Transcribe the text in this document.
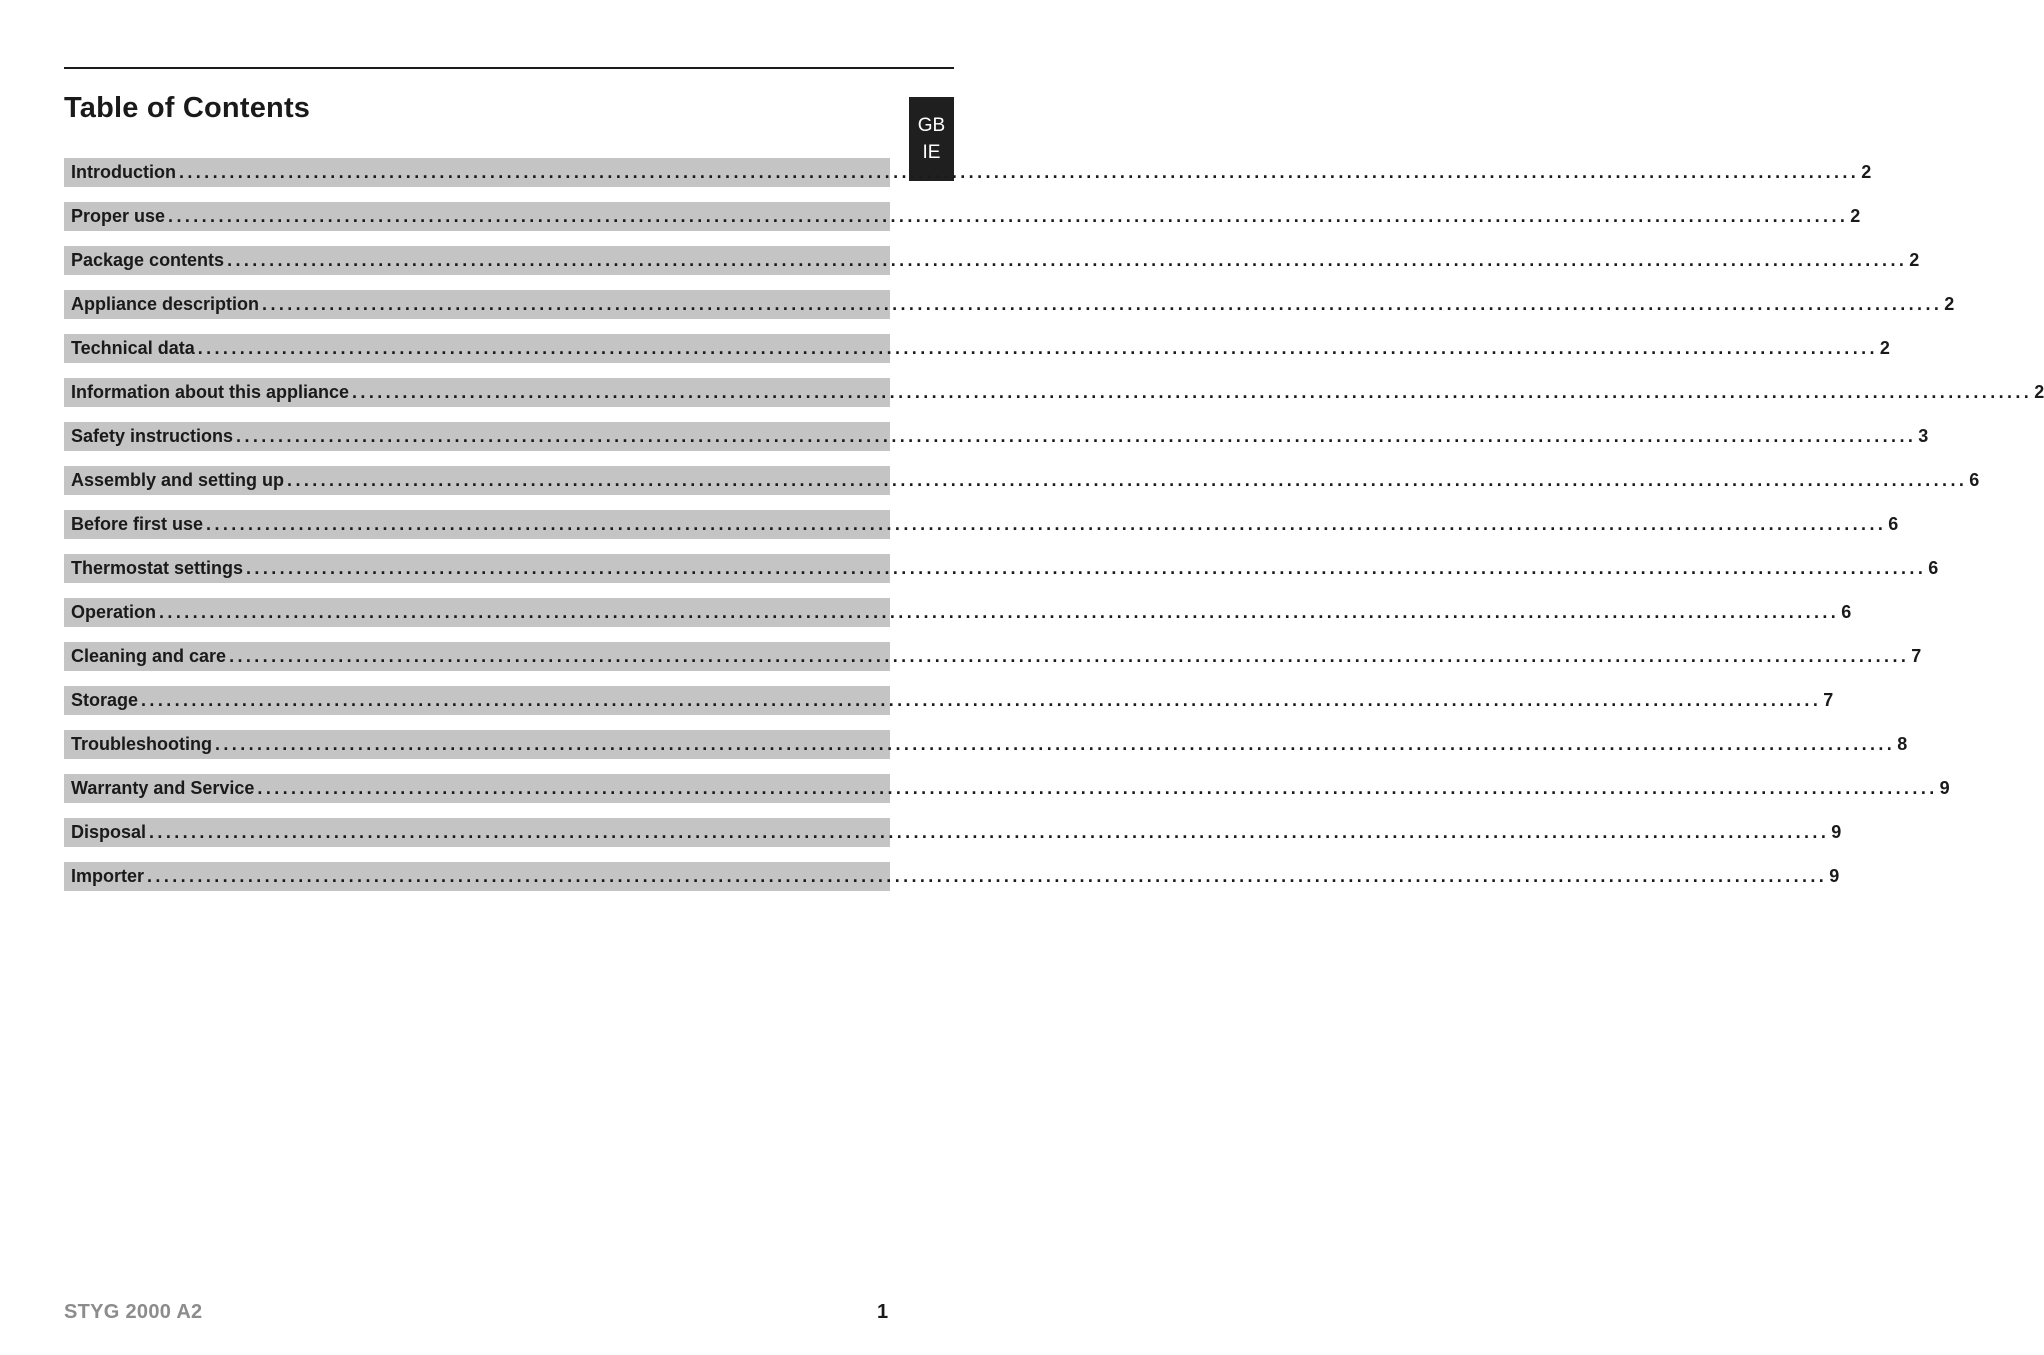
Table of Contents
GB
IE
Introduction ........................................................................................................................................................................................................ 2
Proper use ........................................................................................................................................................................................................ 2
Package contents ........................................................................................................................................................................................................ 2
Appliance description ........................................................................................................................................................................................................ 2
Technical data ........................................................................................................................................................................................................ 2
Information about this appliance ........................................................................................................................................................................................................ 2
Safety instructions ........................................................................................................................................................................................................ 3
Assembly and setting up ........................................................................................................................................................................................................ 6
Before first use ........................................................................................................................................................................................................ 6
Thermostat settings ........................................................................................................................................................................................................ 6
Operation ........................................................................................................................................................................................................ 6
Cleaning and care ........................................................................................................................................................................................................ 7
Storage ........................................................................................................................................................................................................ 7
Troubleshooting ........................................................................................................................................................................................................ 8
Warranty and Service ........................................................................................................................................................................................................ 9
Disposal ........................................................................................................................................................................................................ 9
Importer ........................................................................................................................................................................................................ 9
STYG 2000 A2	1
